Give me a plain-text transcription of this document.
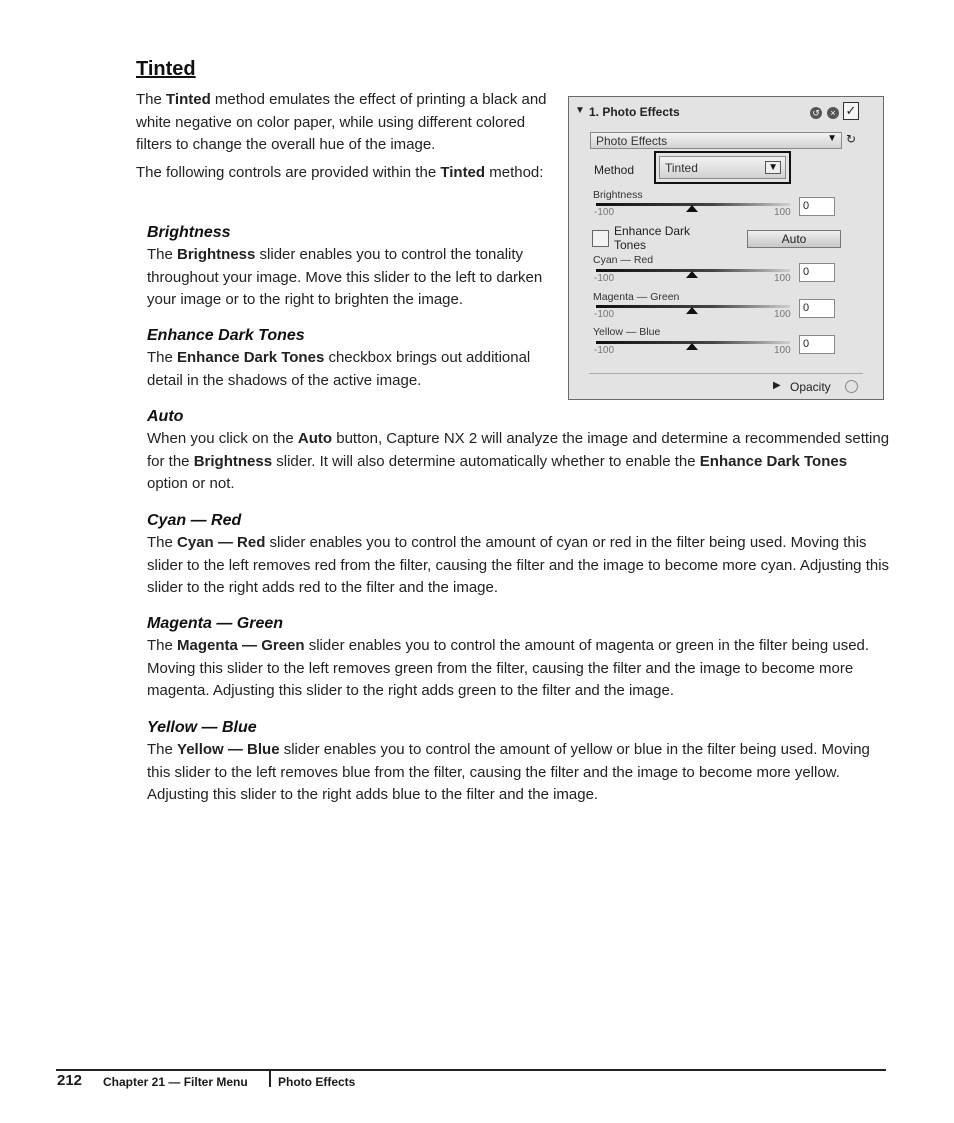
Tinted

The Tinted method emulates the effect of printing a black and white negative on color paper, while using different colored filters to change the overall hue of the image.

The following controls are provided within the Tinted method:

Brightness

The Brightness slider enables you to control the tonality throughout your image. Move this slider to the left to darken your image or to the right to brighten the image.

Enhance Dark Tones

The Enhance Dark Tones checkbox brings out additional detail in the shadows of the active image.

Auto

When you click on the Auto button, Capture NX 2 will analyze the image and determine a recommended setting for the Brightness slider. It will also determine automatically whether to enable the Enhance Dark Tones option or not.

Cyan — Red

The Cyan — Red slider enables you to control the amount of cyan or red in the filter being used. Moving this slider to the left removes red from the filter, causing the filter and the image to become more cyan. Adjusting this slider to the right adds red to the filter and the image.

Magenta — Green

The Magenta — Green slider enables you to control the amount of magenta or green in the filter being used. Moving this slider to the left removes green from the filter, causing the filter and the image to become more magenta. Adjusting this slider to the right adds green to the filter and the image.

Yellow — Blue

The Yellow — Blue slider enables you to control the amount of yellow or blue in the filter being used. Moving this slider to the left removes blue from the filter, causing the filter and the image to become more yellow. Adjusting this slider to the right adds blue to the filter and the image.

▼ 1. Photo Effects	↺	× ✓
Photo Effects	▼ ↻
Method	Tinted	▼
Brightness
-100	100
0
Enhance Dark
Tones	Auto
Cyan — Red
-100	100
0
Magenta — Green
-100	100
0
Yellow — Blue
-100	100
0
▶ Opacity
212 Chapter 21 — Filter Menu	Photo Effects
